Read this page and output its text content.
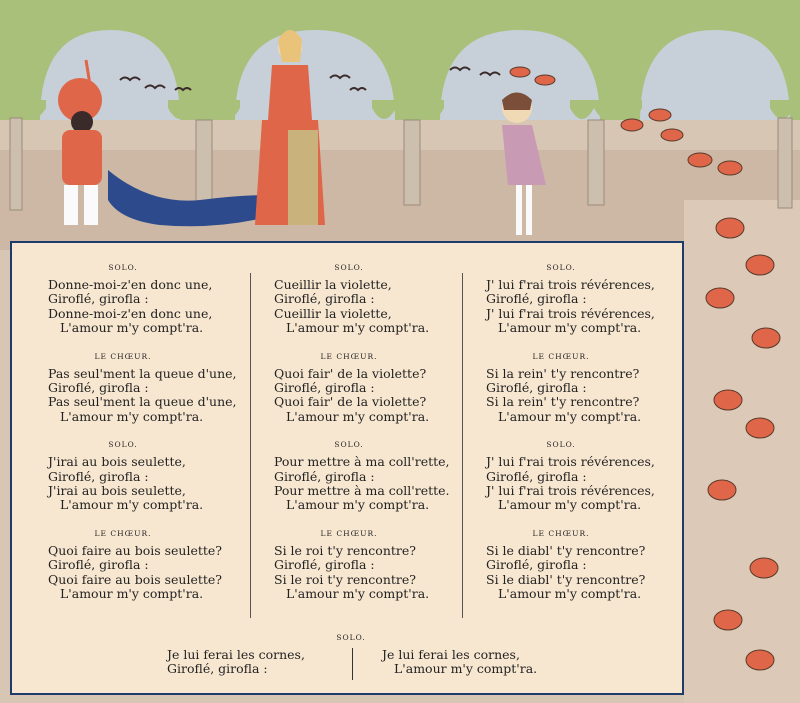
SOLO.
Donne-moi-z'en donc une,
Giroflé, girofla :
Donne-moi-z'en donc une,
L'amour m'y compt'ra.
LE CHŒUR.
Pas seul'ment la queue d'une,
Giroflé, girofla :
Pas seul'ment la queue d'une,
L'amour m'y compt'ra.
SOLO.
J'irai au bois seulette,
Giroflé, girofla :
J'irai au bois seulette,
L'amour m'y compt'ra.
LE CHŒUR.
Quoi faire au bois seulette?
Giroflé, girofla :
Quoi faire au bois seulette?
L'amour m'y compt'ra.
SOLO.
Cueillir la violette,
Giroflé, girofla :
Cueillir la violette,
L'amour m'y compt'ra.
LE CHŒUR.
Quoi fair' de la violette?
Giroflé, girofla :
Quoi fair' de la violette?
L'amour m'y compt'ra.
SOLO.
Pour mettre à ma coll'rette,
Giroflé, girofla :
Pour mettre à ma coll'rette.
L'amour m'y compt'ra.
LE CHŒUR.
Si le roi t'y rencontre?
Giroflé, girofla :
Si le roi t'y rencontre?
L'amour m'y compt'ra.
SOLO.
J' lui f'rai trois révérences,
Giroflé, girofla :
J' lui f'rai trois révérences,
L'amour m'y compt'ra.
LE CHŒUR.
Si la rein' t'y rencontre?
Giroflé, girofla :
Si la rein' t'y rencontre?
L'amour m'y compt'ra.
SOLO.
J' lui f'rai trois révérences,
Giroflé, girofla :
J' lui f'rai trois révérences,
L'amour m'y compt'ra.
LE CHŒUR.
Si le diabl' t'y rencontre?
Giroflé, girofla :
Si le diabl' t'y rencontre?
L'amour m'y compt'ra.
SOLO.
Je lui ferai les cornes,
Giroflé, girofla :
Je lui ferai les cornes,
L'amour m'y compt'ra.
